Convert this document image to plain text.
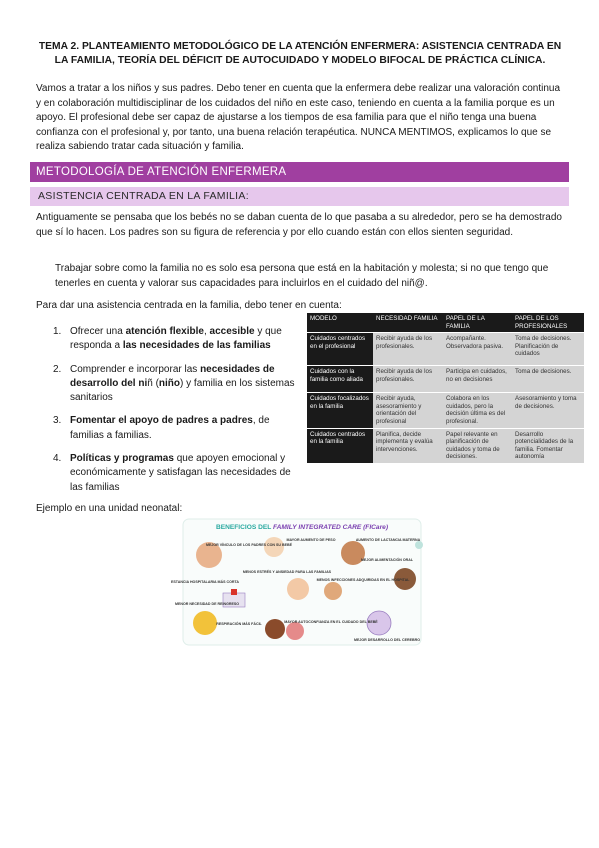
TEMA 2. PLANTEAMIENTO METODOLÓGICO DE LA ATENCIÓN ENFERMERA: ASISTENCIA CENTRADA EN LA FAMILIA, TEORÍA DEL DÉFICIT DE AUTOCUIDADO Y MODELO BIFOCAL DE PRÁCTICA CLÍNICA.
Vamos a tratar a los niños y sus padres. Debo tener en cuenta que la enfermera debe realizar una valoración continua y en colaboración multidisciplinar de los cuidados del niño en este caso, teniendo en cuenta a la familia porque es un apoyo. El profesional debe ser capaz de ajustarse a los tiempos de esa familia para que el niño tenga una buena confianza con el profesional y, por tanto, una buena relación terapéutica. NUNCA MENTIMOS, explicamos lo que se realiza sabiendo tratar cada situación y familia.
METODOLOGÍA DE ATENCIÓN ENFERMERA
ASISTENCIA CENTRADA EN LA FAMILIA:
Antiguamente se pensaba que los bebés no se daban cuenta de lo que pasaba a su alrededor, pero se ha demostrado que sí lo hacen. Los padres son su figura de referencia y por ello cuando están con ellos sienten seguridad.
Trabajar sobre como la familia no es solo esa persona que está en la habitación y molesta; si no que tengo que tenerles en cuenta y valorar sus capacidades para incluirlos en el cuidado del niñ@.
Para dar una asistencia centrada en la familia, debo tener en cuenta:
1. Ofrecer una atención flexible, accesible y que responda a las necesidades de las familias
2. Comprender e incorporar las necesidades de desarrollo del niñ (niño) y familia en los sistemas sanitarios
3. Fomentar el apoyo de padres a padres, de familias a familias.
4. Políticas y programas que apoyen emocional y económicamente y satisfagan las necesidades de las familias
MODELO	NECESIDAD FAMILIA	PAPEL DE LA FAMILIA	PAPEL DE LOS PROFESIONALES
Cuidados centrados en el profesional	Recibir ayuda de los profesionales.	Acompañante. Observadora pasiva.	Toma de decisiones. Planificación de cuidados
Cuidados con la familia como aliada	Recibir ayuda de los profesionales.	Participa en cuidados, no en decisiones	Toma de decisiones.
Cuidados focalizados en la familia	Recibir ayuda, asesoramiento y orientación del profesional	Colabora en los cuidados, pero la decisión última es del profesional.	Asesoramiento y toma de decisiones.
Cuidados centrados en la familia	Planifica, decide implementa y evalúa intervenciones.	Papel relevante en planificación de cuidados y toma de decisiones.	Desarrollo potencialidades de la familia. Fomentar autonomía
Ejemplo en una unidad neonatal:
BENEFICIOS DEL FAMILY INTEGRATED CARE (FICare)
MEJOR VÍNCULO DE LOS PADRES CON SU BEBÉ
MAYOR AUMENTO DE PESO	AUMENTO DE LACTANCIA MATERNA
MEJOR ALIMENTACIÓN ORAL
ESTANCIA HOSPITALARIA MÁS CORTA
MENOS ESTRÉS Y ANSIEDAD PARA LAS FAMILIAS
MENOS INFECCIONES ADQUIRIDAS EN EL HOSPITAL
MENOR NECESIDAD DE REINGRESO
RESPIRACIÓN MÁS FÁCIL	MAYOR AUTOCONFIANZA EN EL CUIDADO DEL BEBÉ
MEJOR DESARROLLO DEL CEREBRO
